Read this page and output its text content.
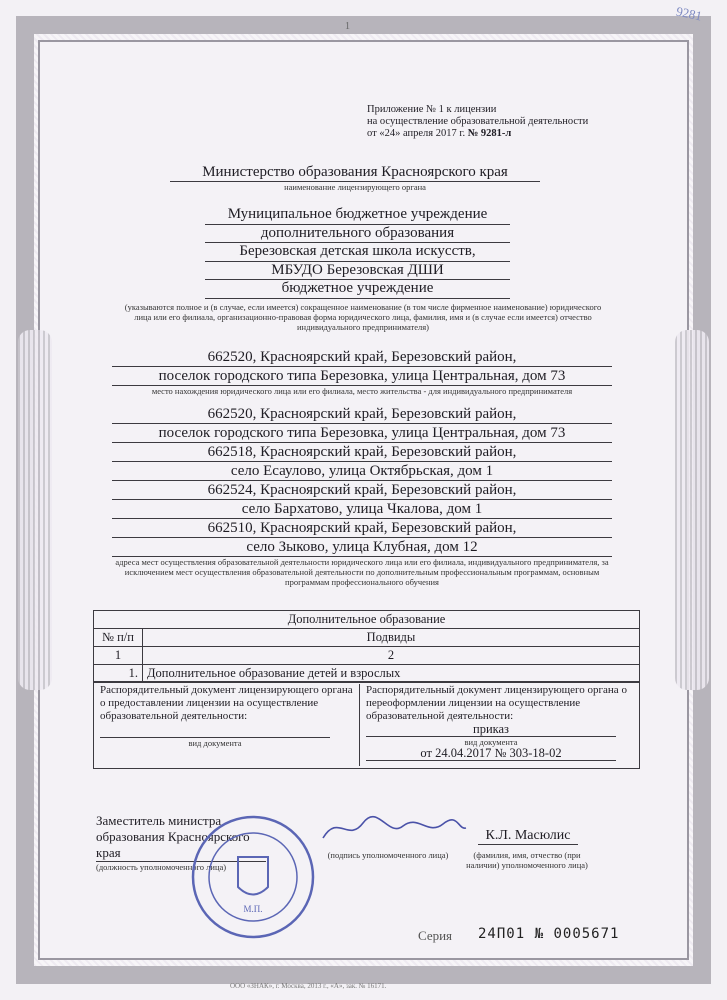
1
9281
Приложение № 1 к лицензии
на осуществление образовательной деятельности
от «24» апреля 2017 г. № 9281-л
Министерство образования Красноярского края
наименование лицензирующего органа
Муниципальное бюджетное учреждение
дополнительного образования
Березовская детская школа искусств,
МБУДО Березовская ДШИ
бюджетное учреждение
(указываются полное и (в случае, если имеется) сокращенное наименование (в том числе фирменное наименование) юридического лица или его филиала, организационно-правовая форма юридического лица, фамилия, имя и (в случае если имеется) отчество индивидуального предпринимателя)
662520, Красноярский край, Березовский район,
поселок городского типа Березовка, улица Центральная, дом 73
место нахождения юридического лица или его филиала, место жительства - для индивидуального предпринимателя
662520, Красноярский край, Березовский район,
поселок городского типа Березовка, улица Центральная, дом 73
662518, Красноярский край, Березовский район,
село Есаулово, улица Октябрьская, дом 1
662524, Красноярский край, Березовский район,
село Бархатово, улица Чкалова, дом 1
662510, Красноярский край, Березовский район,
село Зыково, улица Клубная, дом 12
адреса мест осуществления образовательной деятельности юридического лица или его филиала, индивидуального предпринимателя, за исключением мест осуществления образовательной деятельности по дополнительным профессиональным программам, основным программам профессионального обучения
Дополнительное образование	
№ п/п	Подвиды
1	2
1.	Дополнительное образование детей и взрослых
Распорядительный документ лицензирующего органа о предоставлении лицензии на осуществление образовательной деятельности:
вид документа
Распорядительный документ лицензирующего органа о переоформлении лицензии на осуществление образовательной деятельности:
приказ
вид документа
от 24.04.2017 № 303-18-02
Заместитель министра
образования Красноярского края
(должность уполномоченного лица)
М.П.
(подпись уполномоченного лица)
К.Л. Масюлис
(фамилия, имя, отчество (при наличии) уполномоченного лица)
Серия 24П01 № 0005671
ООО «ЗНАК», г. Москва, 2013 г., «А», зак. № 16171.
